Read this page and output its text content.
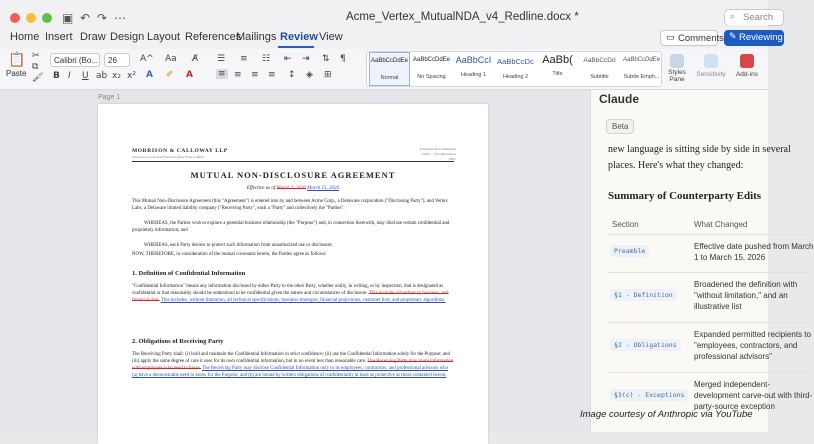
▣ ↶ ↷ ⋯	Acme_Vertex_MutualNDA_v4_Redline.docx *	⌕ Search
Home Insert Draw Design Layout References
Mailings Review View	▭ Comments ✎ Reviewing
📋
Paste
✂
⧉
🖌
Calibri (Bo...	26	A^ Aa A̸
B I U ab x₂ x² A ✐ A
☰ ≡ ☷ ⇤ ⇥ ⇅ ¶
≡ ≡ ≡ ≡ ↕ ◈ ⊞
AaBbCcDdEe
Normal
AaBbCcDdEe
No Spacing
AaBbCcI
Heading 1
AaBbCcDc
Heading 2
AaBb(
Title
AaBbCcDd
Subtitle
AaBbCcDdEe
Subtle Emph...
Styles Pane
Sensitivity	Add-ins
Page 1
MORRISON & CALLOWAY LLP
Attorneys at Law San Francisco New York London
Privileged & Confidential
Draft — For Discussion Only
MUTUAL NON-DISCLOSURE AGREEMENT
Effective as of March 1, 2026 March 15, 2026
This Mutual Non-Disclosure Agreement (this "Agreement") is entered into by and between Acme Corp., a Delaware corporation ("Disclosing Party"), and Vertex Labs, a Delaware limited liability company ("Receiving Party", each a "Party" and collectively the "Parties".
WHEREAS, the Parties wish to explore a potential business relationship (the "Purpose") and, in connection therewith, may disclose certain confidential and proprietary information; and
WHEREAS, each Party desires to protect such information from unauthorized use or disclosure;
NOW, THEREFORE, in consideration of the mutual covenants herein, the Parties agree as follows:
1. Definition of Confidential Information
"Confidential Information" means any information disclosed by either Party to the other Party, whether orally, in writing, or by inspection, that is designated as confidential or that reasonably should be understood to be confidential given the nature and circumstances of disclosure. This includes all technical, business, and financial data. This includes, without limitation, all technical specifications, business strategies, financial projections, customer lists, and proprietary algorithms.
2. Obligations of Receiving Party
The Receiving Party shall: (i) hold and maintain the Confidential Information in strict confidence; (ii) use the Confidential Information solely for the Purpose; and (iii) apply the same degree of care it uses for its own confidential information, but in no event less than reasonable care. The Receiving Party may share information with employees who need to know. The Receiving Party may disclose Confidential Information only to its employees, contractors, and professional advisors who (a) have a demonstrable need to know for the Purpose, and (b) are bound by written obligations of confidentiality at least as protective as those contained herein.
Claude
Beta
new language is sitting side by side in several places. Here's what they changed:
Summary of Counterparty Edits
Section	What Changed
Preamble	Effective date pushed from March 1 to March 15, 2026
§1 - Definition
Broadened the definition with "without limitation," and an illustrative list
§2 - Obligations
Expanded permitted recipients to "employees, contractors, and professional advisors"
§3(c) - Exceptions
Merged independent-development carve-out with third-party-source exception
Image courtesy of Anthropic via YouTube
